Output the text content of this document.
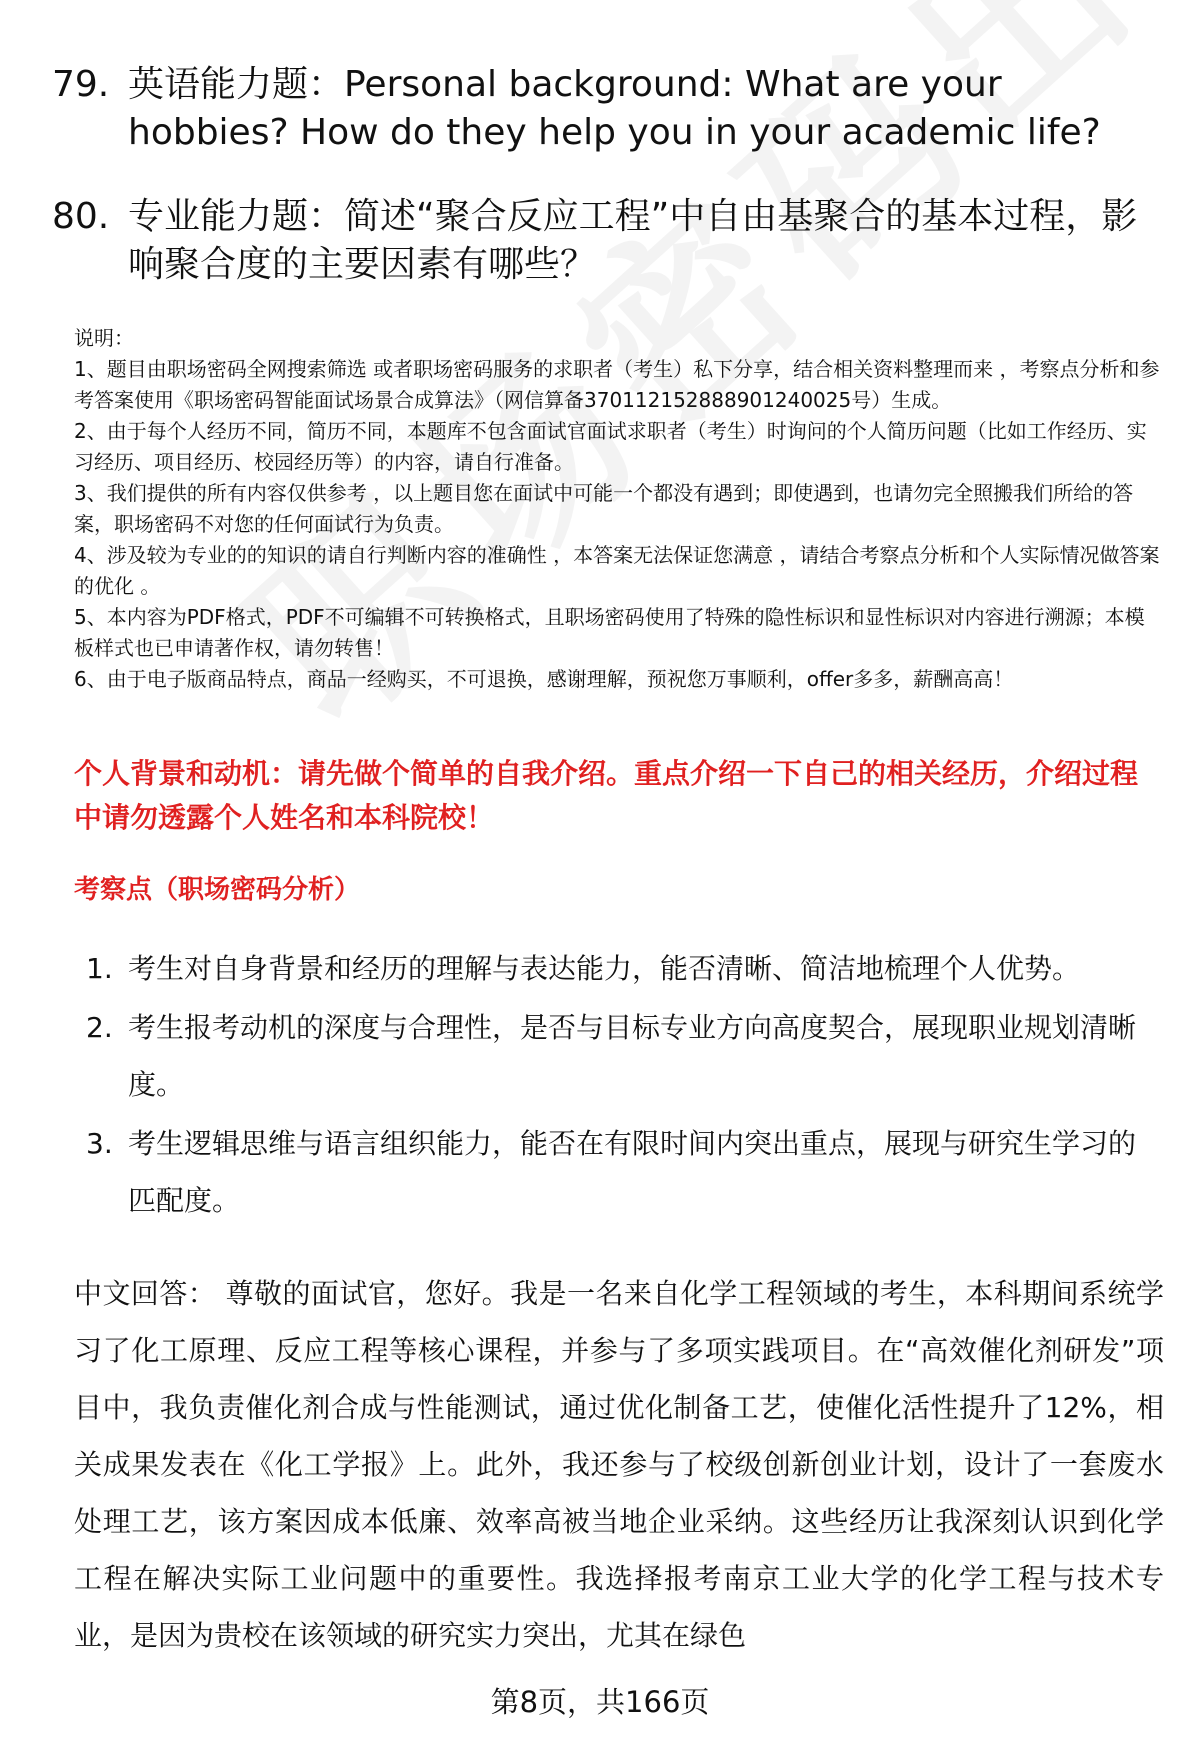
79. 英语能力题：Personal background: What are your hobbies? How do they help you in your academic life?
80. 专业能力题：简述“聚合反应工程”中自由基聚合的基本过程，影响聚合度的主要因素有哪些？

说明：

1、题目由职场密码全网搜索筛选 或者职场密码服务的求职者（考生）私下分享，结合相关资料整理而来 ，考察点分析和参考答案使用《职场密码智能面试场景合成算法》（网信算备370112152888901240025号）生成。

2、由于每个人经历不同，简历不同，本题库不包含面试官面试求职者（考生）时询问的个人简历问题（比如工作经历、实习经历、项目经历、校园经历等）的内容，请自行准备。

3、我们提供的所有内容仅供参考 ，以上题目您在面试中可能一个都没有遇到；即使遇到，也请勿完全照搬我们所给的答案，职场密码不对您的任何面试行为负责。

4、涉及较为专业的的知识的请自行判断内容的准确性 ，本答案无法保证您满意 ，请结合考察点分析和个人实际情况做答案的优化 。

5、本内容为PDF格式，PDF不可编辑不可转换格式，且职场密码使用了特殊的隐性标识和显性标识对内容进行溯源；本模板样式也已申请著作权，请勿转售！

6、由于电子版商品特点，商品一经购买，不可退换，感谢理解，预祝您万事顺利，offer多多，薪酬高高！

个人背景和动机：请先做个简单的自我介绍。重点介绍一下自己的相关经历，介绍过程中请勿透露个人姓名和本科院校！
考察点（职场密码分析）
1. 考生对自身背景和经历的理解与表达能力，能否清晰、简洁地梳理个人优势。
2. 考生报考动机的深度与合理性，是否与目标专业方向高度契合，展现职业规划清晰度。
3. 考生逻辑思维与语言组织能力，能否在有限时间内突出重点，展现与研究生学习的匹配度。
中文回答： 尊敬的面试官，您好。我是一名来自化学工程领域的考生，本科期间系统学习了化工原理、反应工程等核心课程，并参与了多项实践项目。在“高效催化剂研发”项目中，我负责催化剂合成与性能测试，通过优化制备工艺，使催化活性提升了12%，相关成果发表在《化工学报》上。此外，我还参与了校级创新创业计划，设计了一套废水处理工艺，该方案因成本低廉、效率高被当地企业采纳。这些经历让我深刻认识到化学工程在解决实际工业问题中的重要性。我选择报考南京工业大学的化学工程与技术专业，是因为贵校在该领域的研究实力突出，尤其在绿色
第8页，共166页
